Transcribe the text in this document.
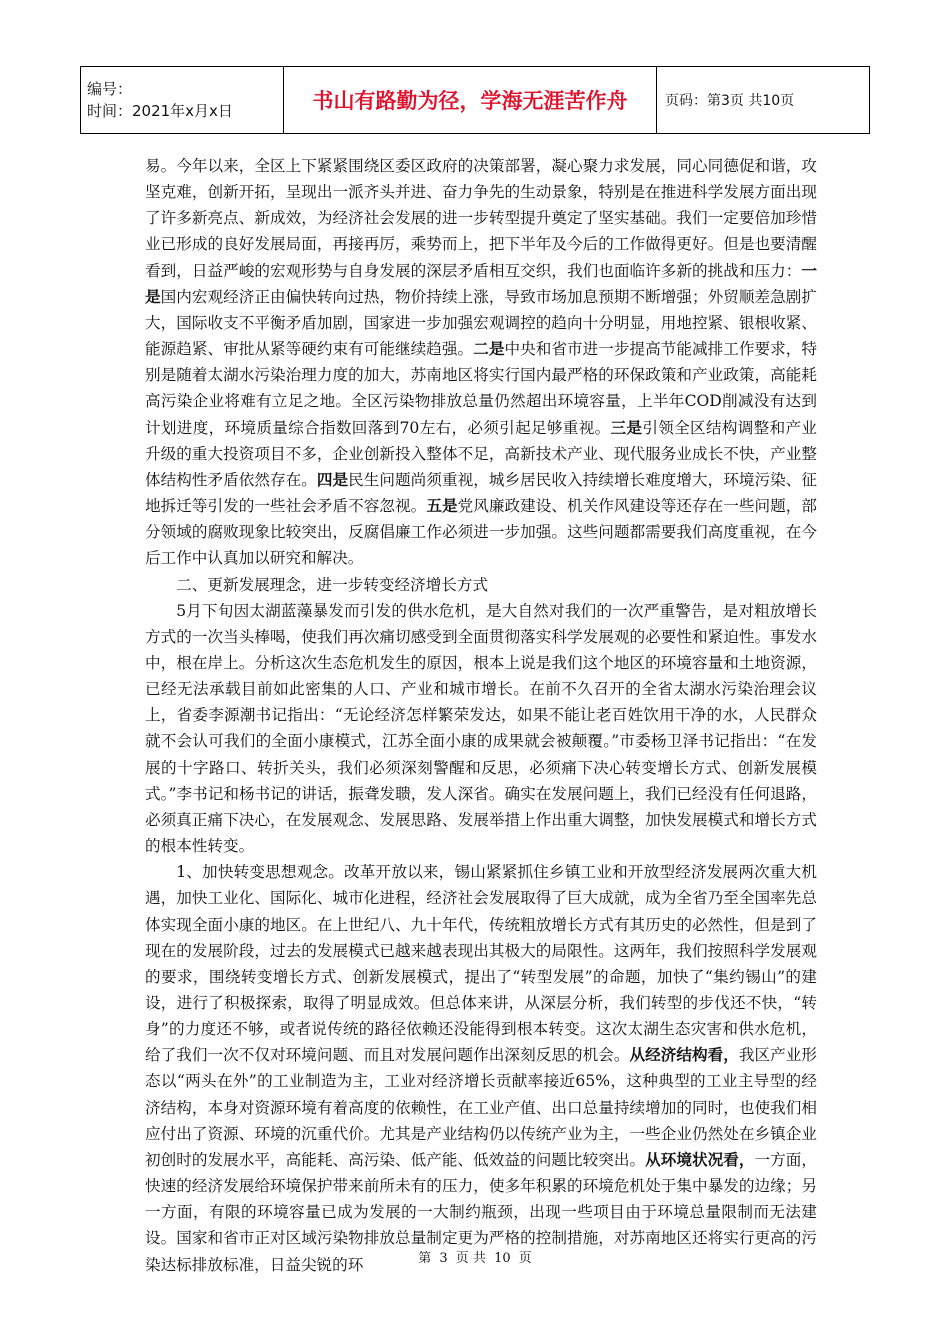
编号：
时间：2021年x月x日	书山有路勤为径，学海无涯苦作舟	页码：第3页 共10页

易。今年以来，全区上下紧紧围绕区委区政府的决策部署，凝心聚力求发展，同心同德促和谐，攻坚克难，创新开拓，呈现出一派齐头并进、奋力争先的生动景象，特别是在推进科学发展方面出现了许多新亮点、新成效，为经济社会发展的进一步转型提升奠定了坚实基础。我们一定要倍加珍惜业已形成的良好发展局面，再接再厉，乘势而上，把下半年及今后的工作做得更好。但是也要清醒看到，日益严峻的宏观形势与自身发展的深层矛盾相互交织，我们也面临许多新的挑战和压力：一是国内宏观经济正由偏快转向过热，物价持续上涨，导致市场加息预期不断增强；外贸顺差急剧扩大，国际收支不平衡矛盾加剧，国家进一步加强宏观调控的趋向十分明显，用地控紧、银根收紧、能源趋紧、审批从紧等硬约束有可能继续趋强。二是中央和省市进一步提高节能减排工作要求，特别是随着太湖水污染治理力度的加大，苏南地区将实行国内最严格的环保政策和产业政策，高能耗高污染企业将难有立足之地。全区污染物排放总量仍然超出环境容量，上半年COD削减没有达到计划进度，环境质量综合指数回落到70左右，必须引起足够重视。三是引领全区结构调整和产业升级的重大投资项目不多，企业创新投入整体不足，高新技术产业、现代服务业成长不快，产业整体结构性矛盾依然存在。四是民生问题尚须重视，城乡居民收入持续增长难度增大，环境污染、征地拆迁等引发的一些社会矛盾不容忽视。五是党风廉政建设、机关作风建设等还存在一些问题，部分领域的腐败现象比较突出，反腐倡廉工作必须进一步加强。这些问题都需要我们高度重视，在今后工作中认真加以研究和解决。

二、更新发展理念，进一步转变经济增长方式

5月下旬因太湖蓝藻暴发而引发的供水危机，是大自然对我们的一次严重警告，是对粗放增长方式的一次当头棒喝，使我们再次痛切感受到全面贯彻落实科学发展观的必要性和紧迫性。事发水中，根在岸上。分析这次生态危机发生的原因，根本上说是我们这个地区的环境容量和土地资源，已经无法承载目前如此密集的人口、产业和城市增长。在前不久召开的全省太湖水污染治理会议上，省委李源潮书记指出：“无论经济怎样繁荣发达，如果不能让老百姓饮用干净的水，人民群众就不会认可我们的全面小康模式，江苏全面小康的成果就会被颠覆。”市委杨卫泽书记指出：“在发展的十字路口、转折关头，我们必须深刻警醒和反思，必须痛下决心转变增长方式、创新发展模式。”李书记和杨书记的讲话，振聋发聩，发人深省。确实在发展问题上，我们已经没有任何退路，必须真正痛下决心，在发展观念、发展思路、发展举措上作出重大调整，加快发展模式和增长方式的根本性转变。

1、加快转变思想观念。改革开放以来，锡山紧紧抓住乡镇工业和开放型经济发展两次重大机遇，加快工业化、国际化、城市化进程，经济社会发展取得了巨大成就，成为全省乃至全国率先总体实现全面小康的地区。在上世纪八、九十年代，传统粗放增长方式有其历史的必然性，但是到了现在的发展阶段，过去的发展模式已越来越表现出其极大的局限性。这两年，我们按照科学发展观的要求，围绕转变增长方式、创新发展模式，提出了“转型发展”的命题，加快了“集约锡山”的建设，进行了积极探索，取得了明显成效。但总体来讲，从深层分析，我们转型的步伐还不快，“转身”的力度还不够，或者说传统的路径依赖还没能得到根本转变。这次太湖生态灾害和供水危机，给了我们一次不仅对环境问题、而且对发展问题作出深刻反思的机会。从经济结构看，我区产业形态以“两头在外”的工业制造为主，工业对经济增长贡献率接近65%，这种典型的工业主导型的经济结构，本身对资源环境有着高度的依赖性，在工业产值、出口总量持续增加的同时，也使我们相应付出了资源、环境的沉重代价。尤其是产业结构仍以传统产业为主，一些企业仍然处在乡镇企业初创时的发展水平，高能耗、高污染、低产能、低效益的问题比较突出。从环境状况看，一方面，快速的经济发展给环境保护带来前所未有的压力，使多年积累的环境危机处于集中暴发的边缘；另一方面，有限的环境容量已成为发展的一大制约瓶颈，出现一些项目由于环境总量限制而无法建设。国家和省市正对区域污染物排放总量制定更为严格的控制措施，对苏南地区还将实行更高的污染达标排放标准，日益尖锐的环	第 3 页 共 10 页
